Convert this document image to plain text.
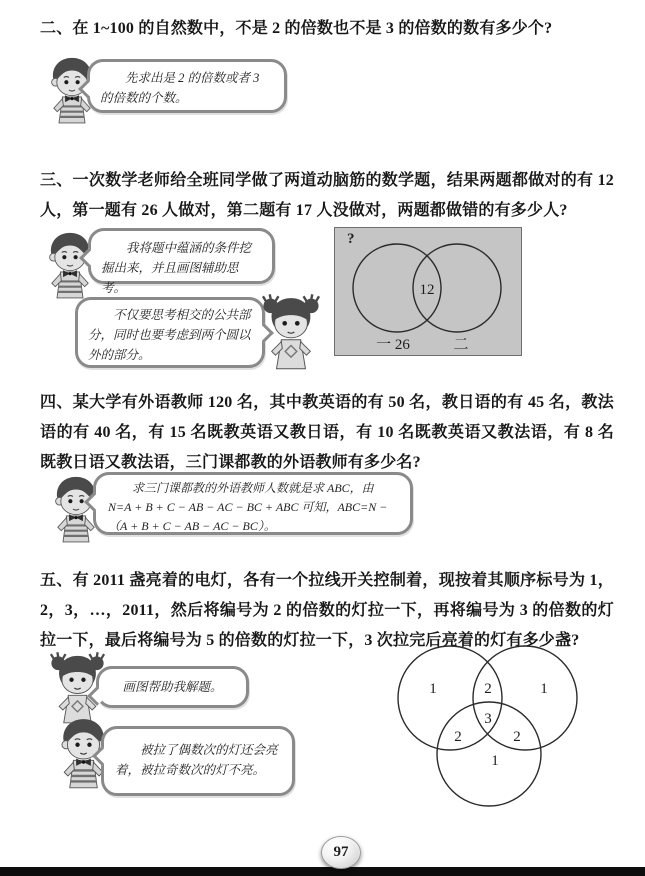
二、在 1~100 的自然数中，不是 2 的倍数也不是 3 的倍数的数有多少个?

先求出是 2 的倍数或者 3 的倍数的个数。

三、一次数学老师给全班同学做了两道动脑筋的数学题，结果两题都做对的有 12 人，第一题有 26 人做对，第二题有 17 人没做对，两题都做错的有多少人?

我将题中蕴涵的条件挖掘出来，并且画图辅助思考。

不仅要思考相交的公共部分，同时也要考虑到两个圆以外的部分。

?
12
一 26	二
四、某大学有外语教师 120 名，其中教英语的有 50 名，教日语的有 45 名，教法语的有 40 名，有 15 名既教英语又教日语，有 10 名既教英语又教法语，有 8 名既教日语又教法语，三门课都教的外语教师有多少名?

求三门课都教的外语教师人数就是求 ABC，由 N=A + B + C − AB − AC − BC + ABC 可知，ABC=N −（A + B + C − AB − AC − BC）。

五、有 2011 盏亮着的电灯，各有一个拉线开关控制着，现按着其顺序标号为 1，2，3，…，2011，然后将编号为 2 的倍数的灯拉一下，再将编号为 3 的倍数的灯拉一下，最后将编号为 5 的倍数的灯拉一下，3 次拉完后亮着的灯有多少盏?

画图帮助我解题。

被拉了偶数次的灯还会亮着，被拉奇数次的灯不亮。

1	2	1
3
2	2
1
97
